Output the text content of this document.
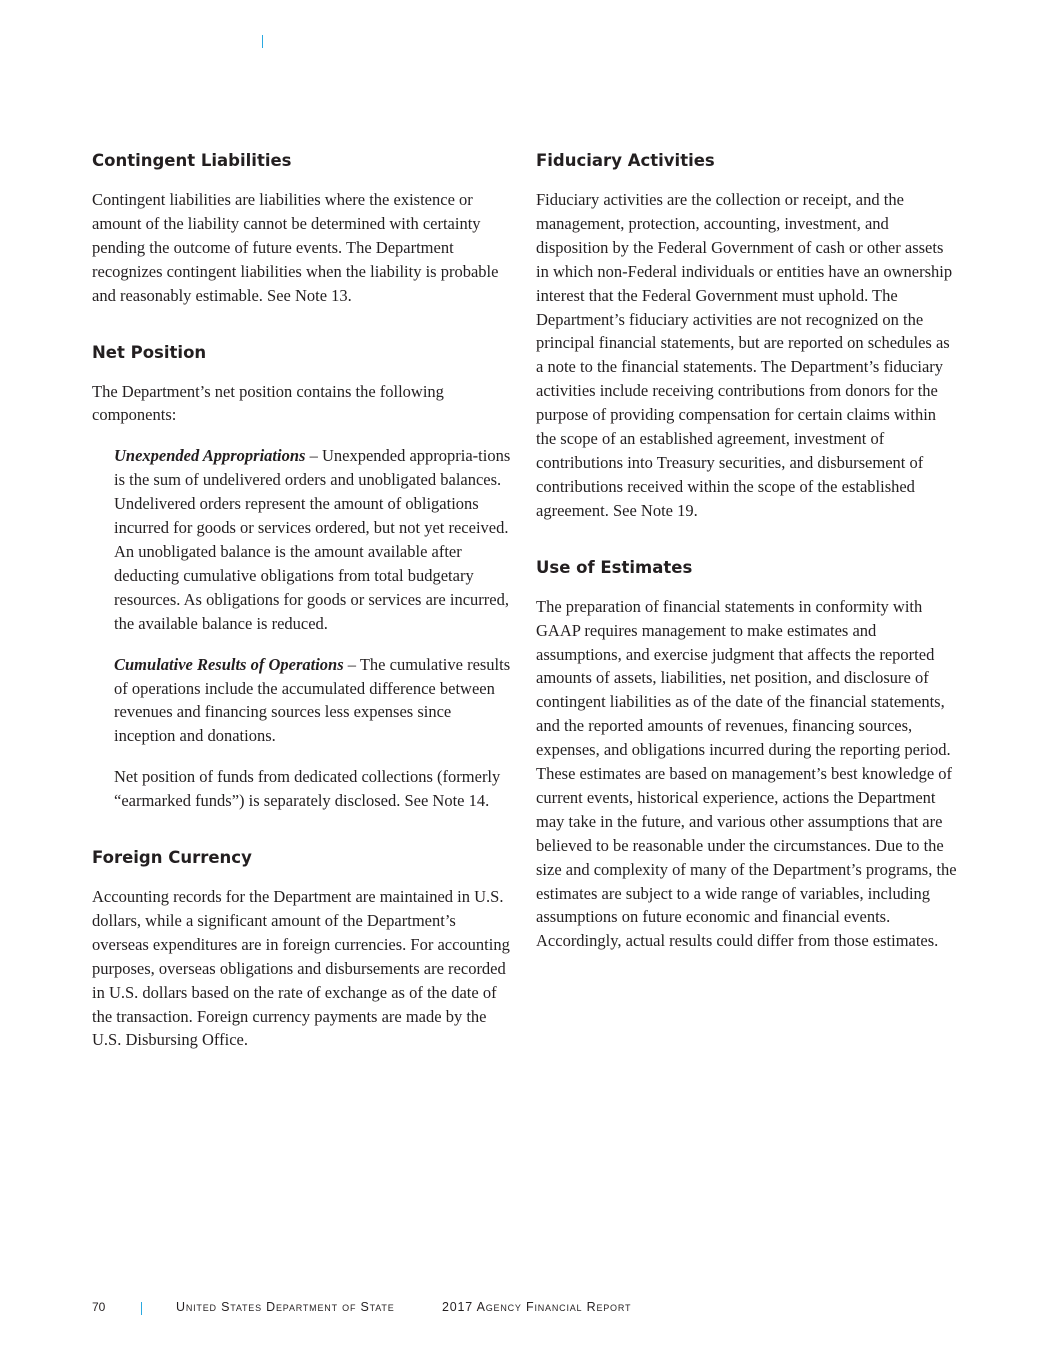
Contingent Liabilities

Contingent liabilities are liabilities where the existence or amount of the liability cannot be determined with certainty pending the outcome of future events. The Department recognizes contingent liabilities when the liability is probable and reasonably estimable. See Note 13.

Net Position

The Department’s net position contains the following components:

Unexpended Appropriations – Unexpended appropria-tions is the sum of undelivered orders and unobligated balances. Undelivered orders represent the amount of obligations incurred for goods or services ordered, but not yet received. An unobligated balance is the amount available after deducting cumulative obligations from total budgetary resources. As obligations for goods or services are incurred, the available balance is reduced.

Cumulative Results of Operations – The cumulative results of operations include the accumulated difference between revenues and financing sources less expenses since inception and donations.

Net position of funds from dedicated collections (formerly “earmarked funds”) is separately disclosed. See Note 14.

Foreign Currency

Accounting records for the Department are maintained in U.S. dollars, while a significant amount of the Department’s overseas expenditures are in foreign currencies. For accounting purposes, overseas obligations and disbursements are recorded in U.S. dollars based on the rate of exchange as of the date of the transaction. Foreign currency payments are made by the U.S. Disbursing Office.

Fiduciary Activities

Fiduciary activities are the collection or receipt, and the management, protection, accounting, investment, and disposition by the Federal Government of cash or other assets in which non-Federal individuals or entities have an ownership interest that the Federal Government must uphold. The Department’s fiduciary activities are not recognized on the principal financial statements, but are reported on schedules as a note to the financial statements. The Department’s fiduciary activities include receiving contributions from donors for the purpose of providing compensation for certain claims within the scope of an established agreement, investment of contributions into Treasury securities, and disbursement of contributions received within the scope of the established agreement. See Note 19.

Use of Estimates

The preparation of financial statements in conformity with GAAP requires management to make estimates and assumptions, and exercise judgment that affects the reported amounts of assets, liabilities, net position, and disclosure of contingent liabilities as of the date of the financial statements, and the reported amounts of revenues, financing sources, expenses, and obligations incurred during the reporting period. These estimates are based on management’s best knowledge of current events, historical experience, actions the Department may take in the future, and various other assumptions that are believed to be reasonable under the circumstances. Due to the size and complexity of many of the Department’s programs, the estimates are subject to a wide range of variables, including assumptions on future economic and financial events. Accordingly, actual results could differ from those estimates.

70	United States Department of State	2017 Agency Financial Report
